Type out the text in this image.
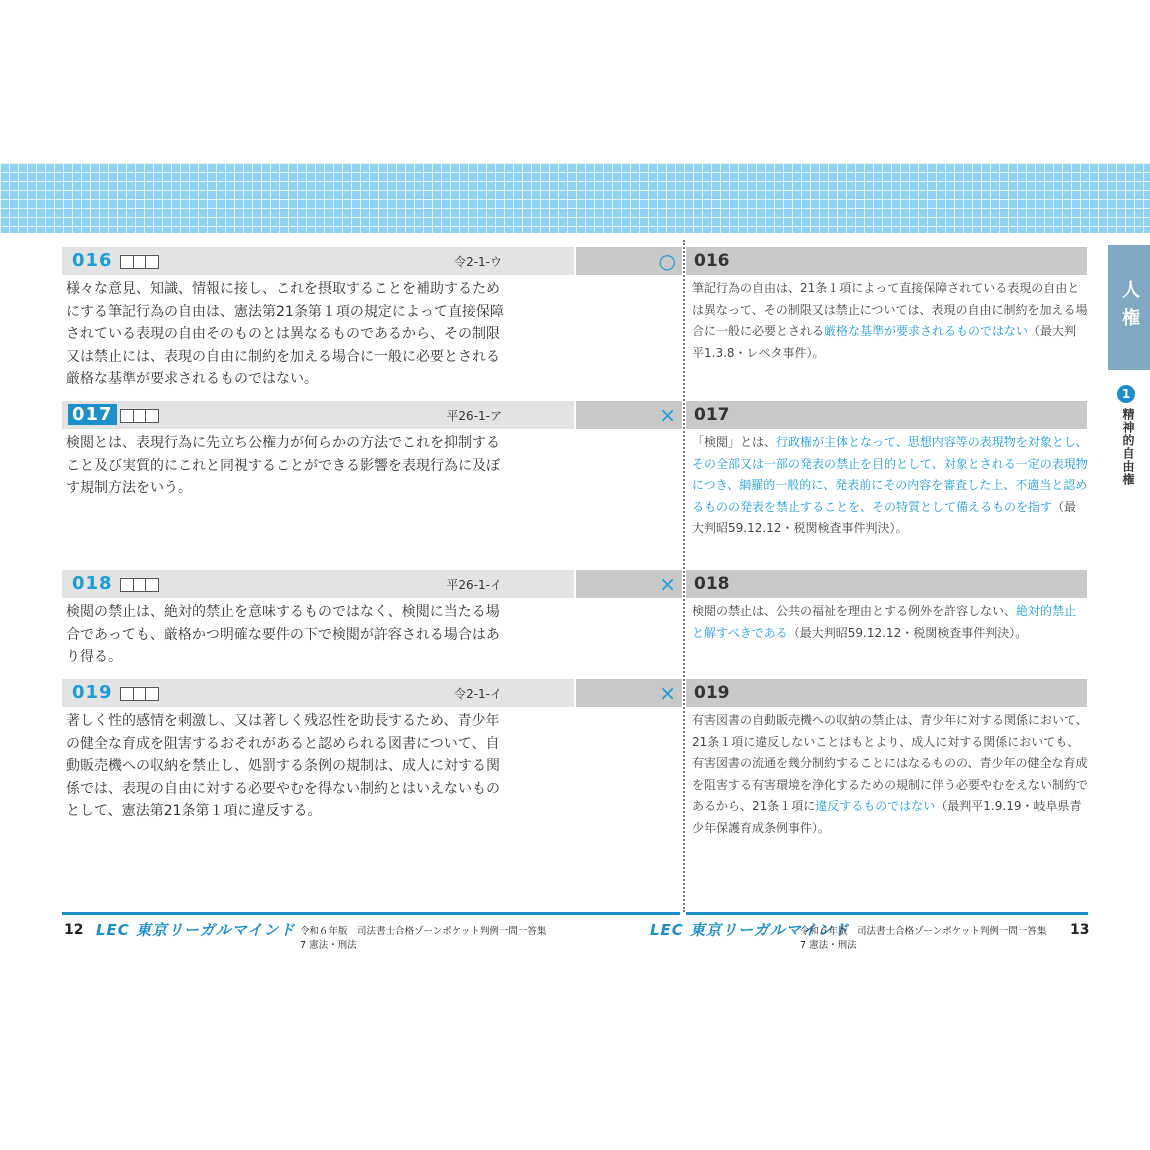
016	令2-1-ウ	○ 016
様々な意見、知識、情報に接し、これを摂取することを補助するためにする筆記行為の自由は、憲法第21条第１項の規定によって直接保障されている表現の自由そのものとは異なるものであるから、その制限又は禁止には、表現の自由に制約を加える場合に一般に必要とされる厳格な基準が要求されるものではない。
筆記行為の自由は、21条１項によって直接保障されている表現の自由とは異なって、その制限又は禁止については、表現の自由に制約を加える場合に一般に必要とされる厳格な基準が要求されるものではない（最大判平1.3.8・レペタ事件）。
017	平26-1-ア	× 017
検閲とは、表現行為に先立ち公権力が何らかの方法でこれを抑制すること及び実質的にこれと同視することができる影響を表現行為に及ぼす規制方法をいう。
「検閲」とは、行政権が主体となって、思想内容等の表現物を対象とし、その全部又は一部の発表の禁止を目的として、対象とされる一定の表現物につき、網羅的一般的に、発表前にその内容を審査した上、不適当と認めるものの発表を禁止することを、その特質として備えるものを指す（最大判昭59.12.12・税関検査事件判決）。
018	平26-1-イ	× 018
検閲の禁止は、絶対的禁止を意味するものではなく、検閲に当たる場合であっても、厳格かつ明確な要件の下で検閲が許容される場合はあり得る。
検閲の禁止は、公共の福祉を理由とする例外を許容しない、絶対的禁止と解すべきである（最大判昭59.12.12・税関検査事件判決）。
019	令2-1-イ	× 019
著しく性的感情を刺激し、又は著しく残忍性を助長するため、青少年の健全な育成を阻害するおそれがあると認められる図書について、自動販売機への収納を禁止し、処罰する条例の規制は、成人に対する関係では、表現の自由に対する必要やむを得ない制約とはいえないものとして、憲法第21条第１項に違反する。
有害図書の自動販売機への収納の禁止は、青少年に対する関係において、21条１項に違反しないことはもとより、成人に対する関係においても、有害図書の流通を幾分制約することにはなるものの、青少年の健全な育成を阻害する有害環境を浄化するための規制に伴う必要やむをえない制約であるから、21条１項に違反するものではない（最判平1.9.19・岐阜県青少年保護育成条例事件）。
人権
1
精神的自由権
12 LEC 東京リーガルマインド 令和６年版　司法書士合格ゾーンポケット判例一問一答集
7 憲法・刑法
LEC 東京リーガルマインド
令和６年版　司法書士合格ゾーンポケット判例一問一答集
7 憲法・刑法
13
